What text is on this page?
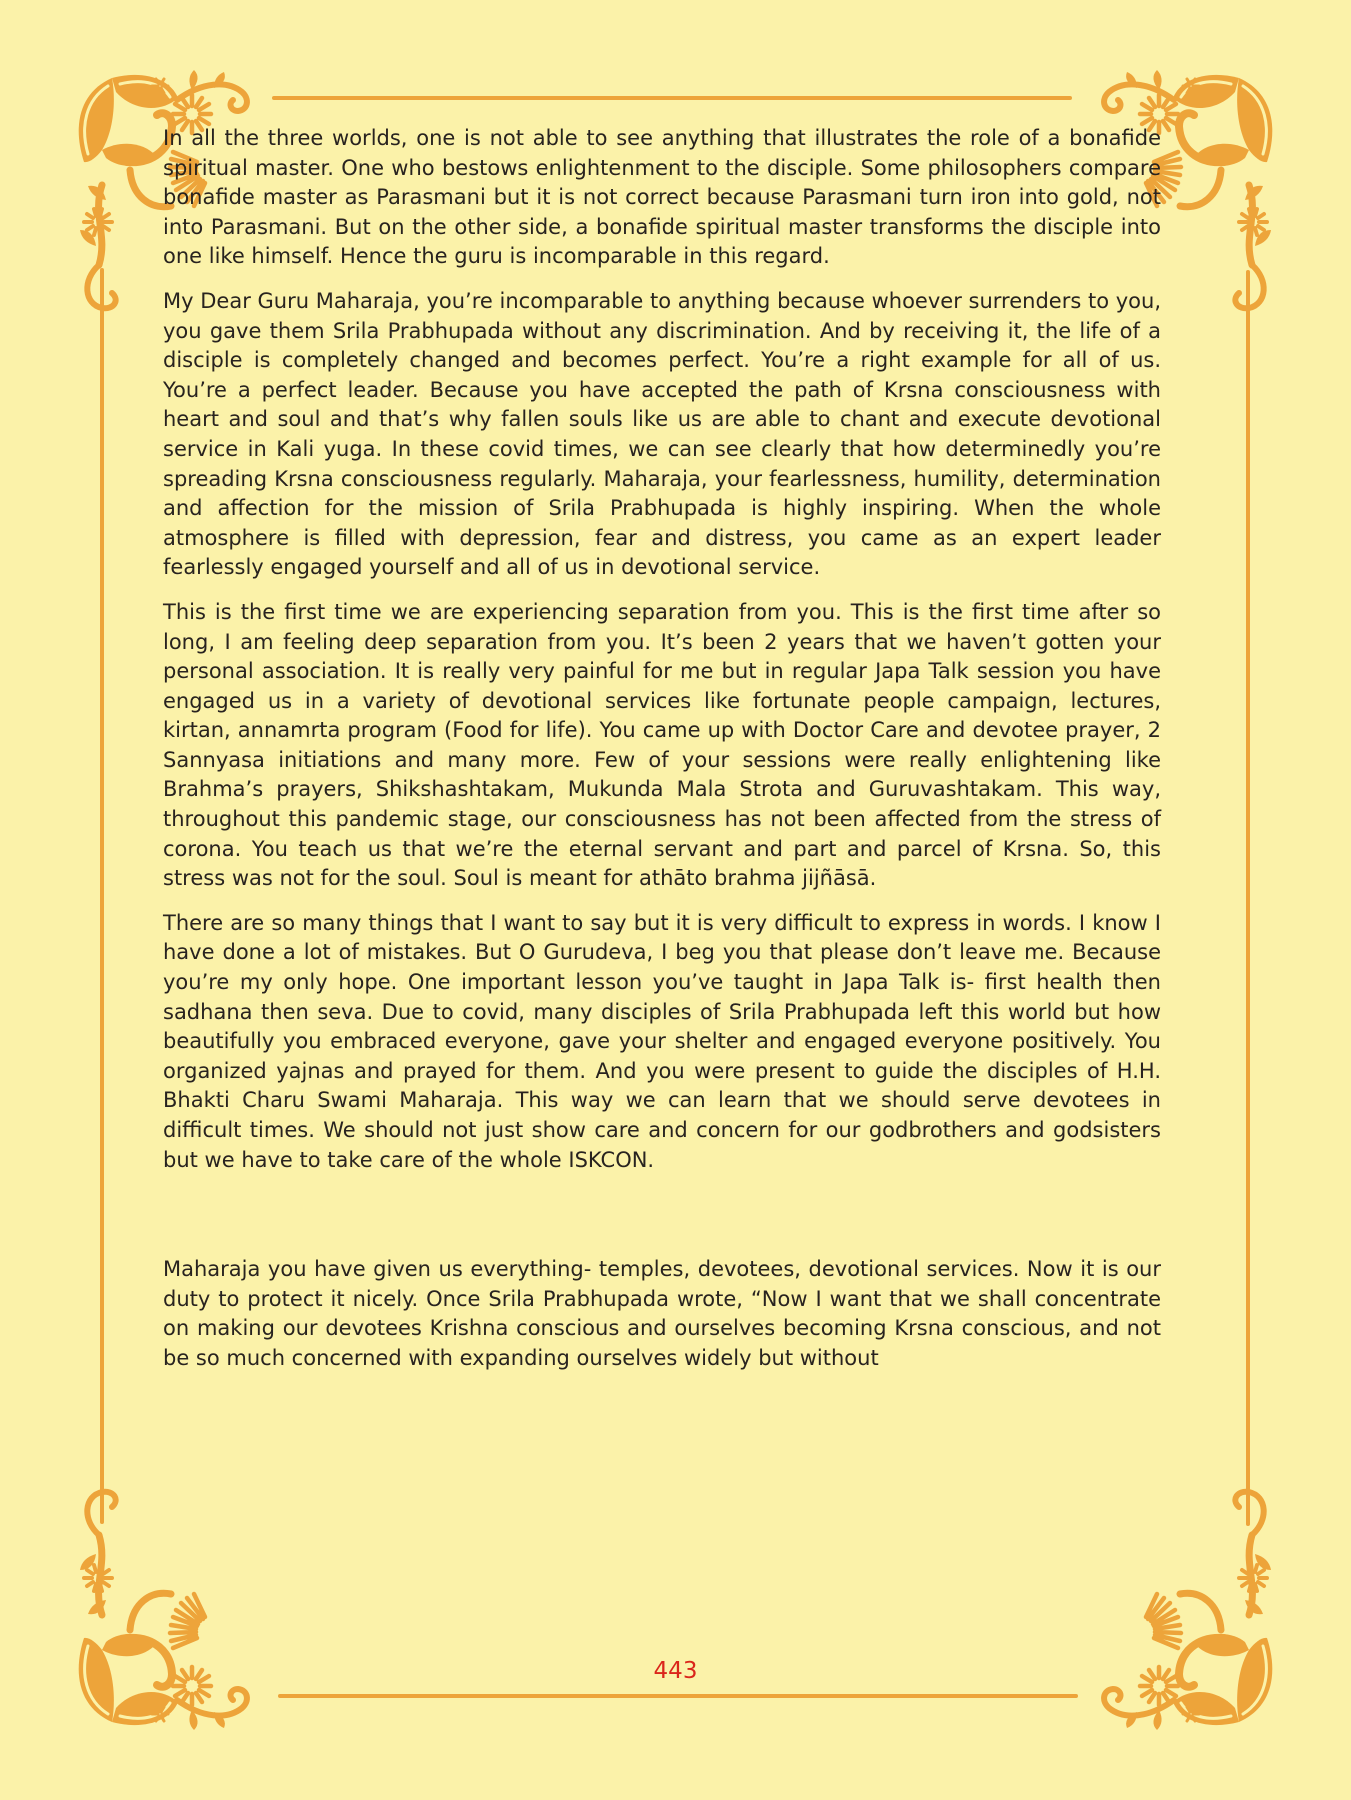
In all the three worlds, one is not able to see anything that illustrates the role of a bonafide spiritual master. One who bestows enlightenment to the disciple. Some philosophers compare bonafide master as Parasmani but it is not correct because Parasmani turn iron into gold, not into Parasmani. But on the other side, a bonafide spiritual master transforms the disciple into one like himself. Hence the guru is incomparable in this regard.

My Dear Guru Maharaja, you’re incomparable to anything because whoever surrenders to you, you gave them Srila Prabhupada without any discrimination. And by receiving it, the life of a disciple is completely changed and becomes perfect. You’re a right example for all of us. You’re a perfect leader. Because you have accepted the path of Krsna consciousness with heart and soul and that’s why fallen souls like us are able to chant and execute devotional service in Kali yuga. In these covid times, we can see clearly that how determinedly you’re spreading Krsna consciousness regularly. Maharaja, your fearlessness, humility, determination and affection for the mission of Srila Prabhupada is highly inspiring. When the whole atmosphere is filled with depression, fear and distress, you came as an expert leader fearlessly engaged yourself and all of us in devotional service.

This is the first time we are experiencing separation from you. This is the first time after so long, I am feeling deep separation from you. It’s been 2 years that we haven’t gotten your personal association. It is really very painful for me but in regular Japa Talk session you have engaged us in a variety of devotional services like fortunate people campaign, lectures, kirtan, annamrta program (Food for life). You came up with Doctor Care and devotee prayer, 2 Sannyasa initiations and many more. Few of your sessions were really enlightening like Brahma’s prayers, Shikshashtakam, Mukunda Mala Strota and Guruvashtakam. This way, throughout this pandemic stage, our consciousness has not been affected from the stress of corona. You teach us that we’re the eternal servant and part and parcel of Krsna. So, this stress was not for the soul. Soul is meant for athāto brahma jijñāsā.

There are so many things that I want to say but it is very difficult to express in words. I know I have done a lot of mistakes. But O Gurudeva, I beg you that please don’t leave me. Because you’re my only hope. One important lesson you’ve taught in Japa Talk is- first health then sadhana then seva. Due to covid, many disciples of Srila Prabhupada left this world but how beautifully you embraced everyone, gave your shelter and engaged everyone positively. You organized yajnas and prayed for them. And you were present to guide the disciples of H.H. Bhakti Charu Swami Maharaja. This way we can learn that we should serve devotees in difficult times. We should not just show care and concern for our godbrothers and godsisters but we have to take care of the whole ISKCON.

Maharaja you have given us everything- temples, devotees, devotional services. Now it is our duty to protect it nicely. Once Srila Prabhupada wrote, “Now I want that we shall concentrate on making our devotees Krishna conscious and ourselves becoming Krsna conscious, and not be so much concerned with expanding ourselves widely but without

443
